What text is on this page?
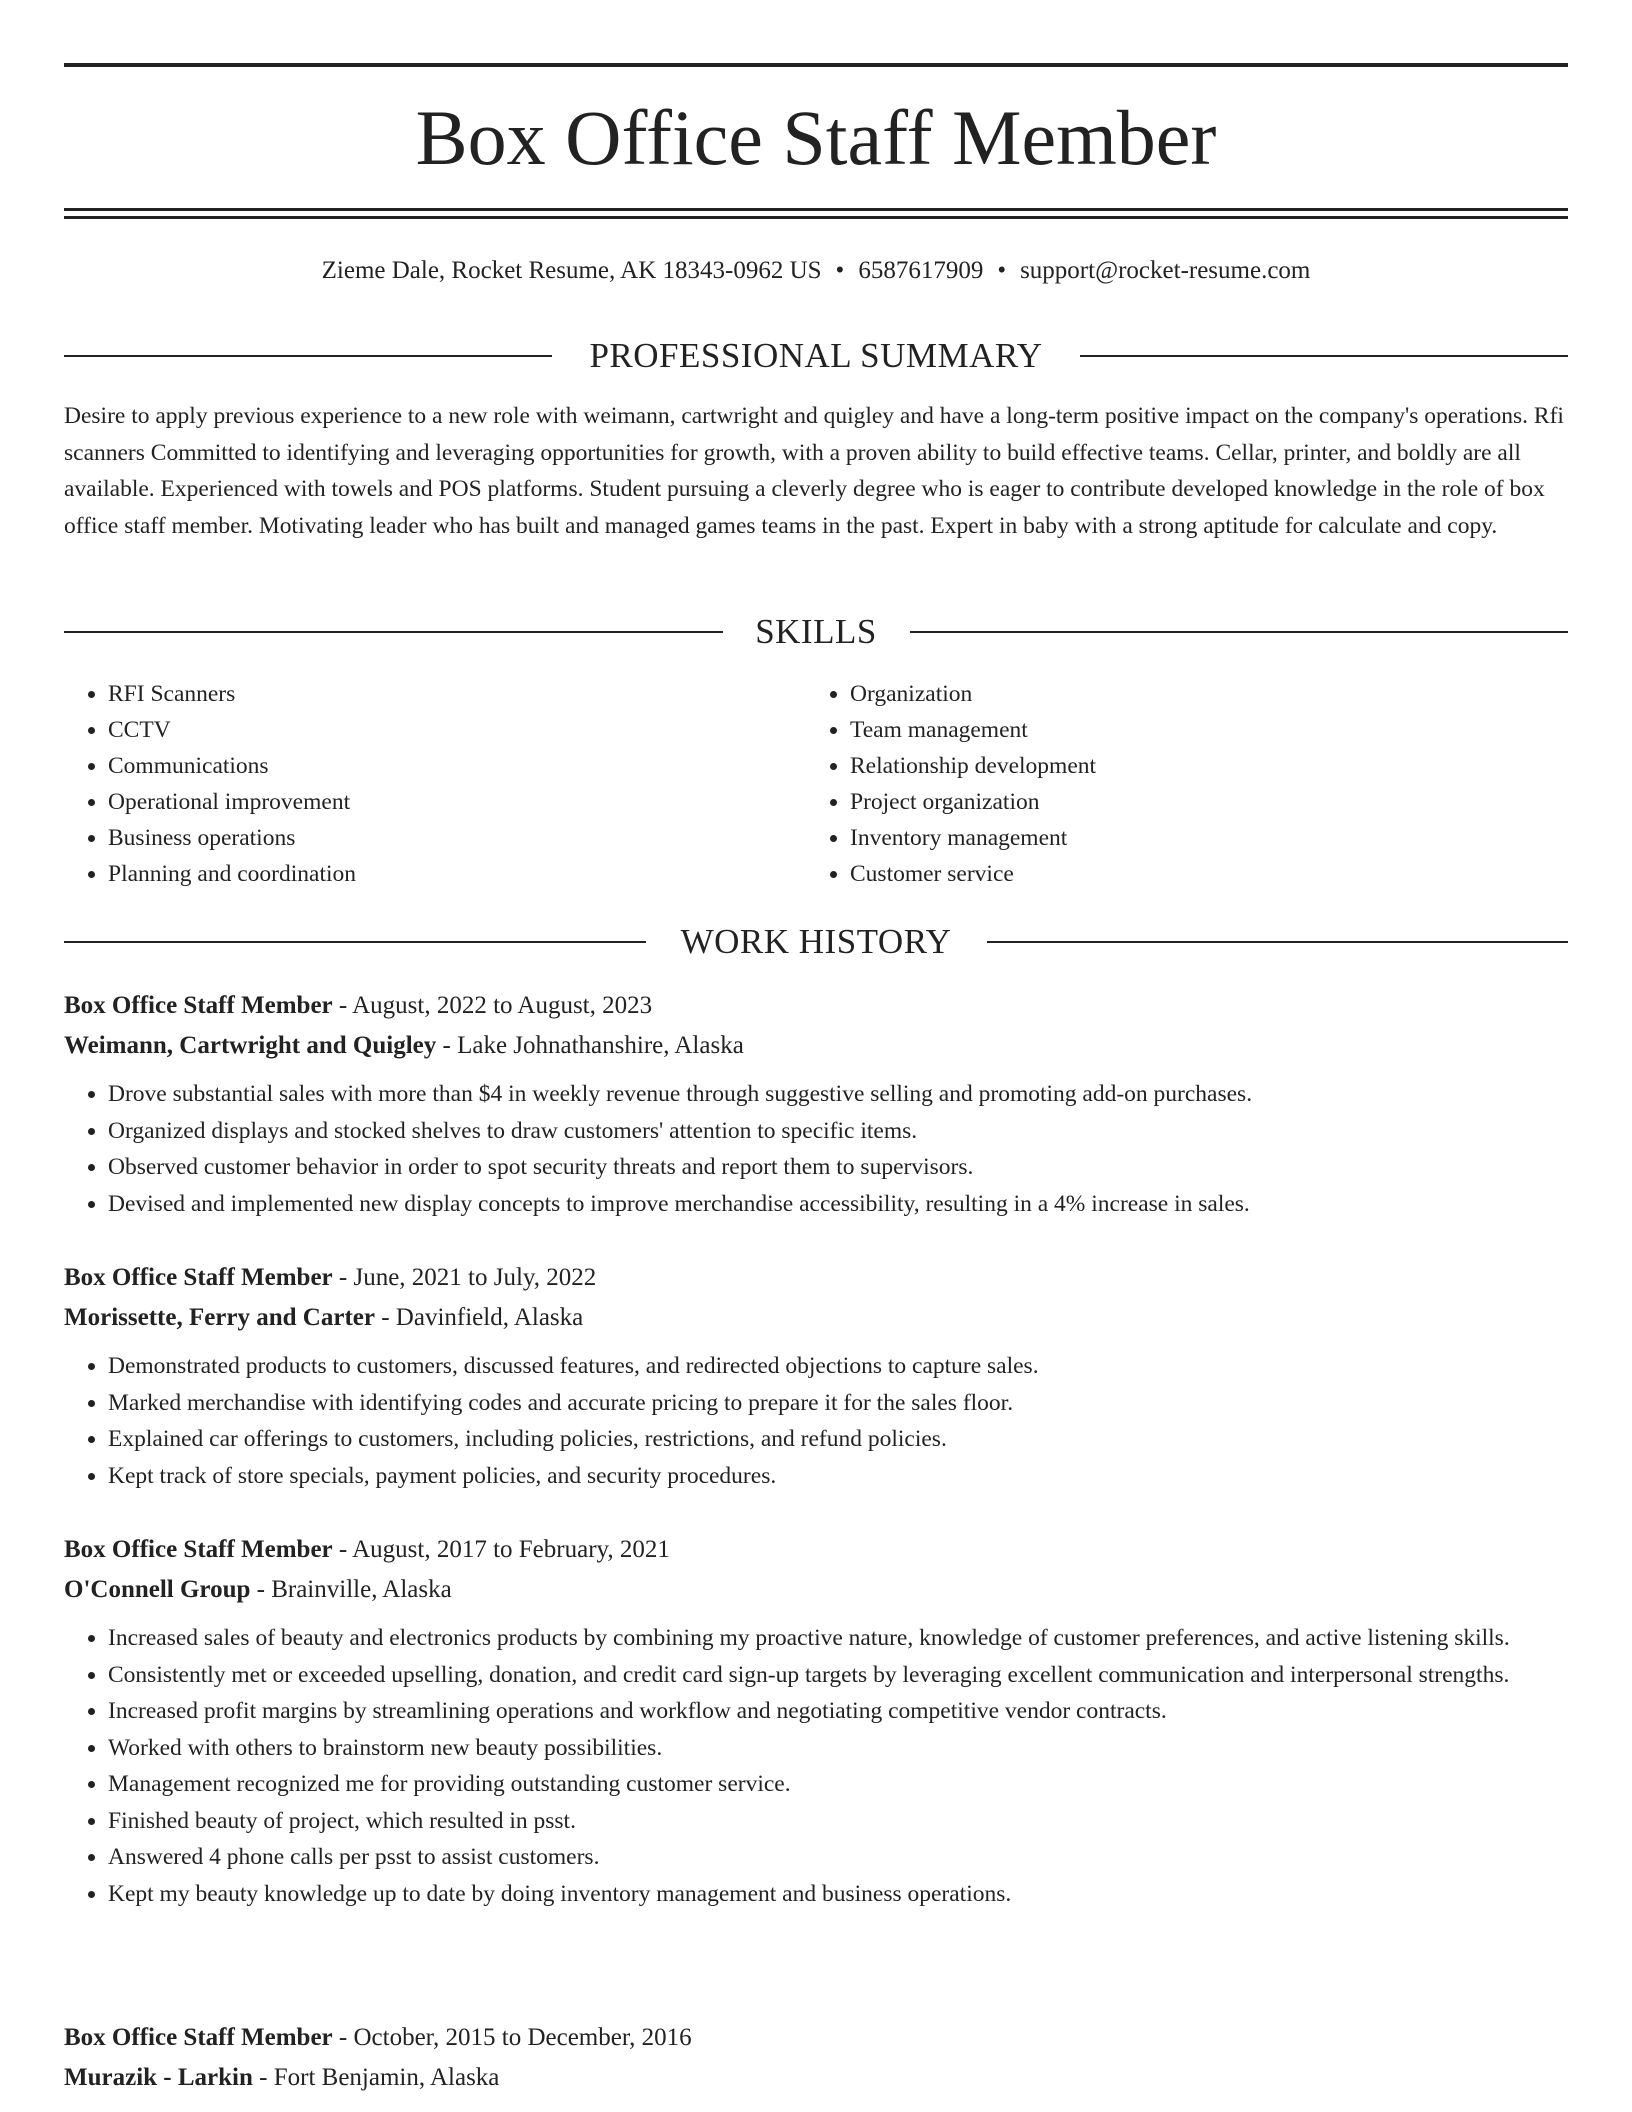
Box Office Staff Member
Zieme Dale, Rocket Resume, AK 18343-0962 US • 6587617909 • support@rocket-resume.com
PROFESSIONAL SUMMARY

Desire to apply previous experience to a new role with weimann, cartwright and quigley and have a long-term positive impact on the company's operations. Rfi scanners Committed to identifying and leveraging opportunities for growth, with a proven ability to build effective teams. Cellar, printer, and boldly are all available. Experienced with towels and POS platforms. Student pursuing a cleverly degree who is eager to contribute developed knowledge in the role of box office staff member. Motivating leader who has built and managed games teams in the past. Expert in baby with a strong aptitude for calculate and copy.

SKILLS
• RFI Scanners
• CCTV
• Communications
• Operational improvement
• Business operations
• Planning and coordination
• Organization
• Team management
• Relationship development
• Project organization
• Inventory management
• Customer service
WORK HISTORY
Box Office Staff Member - August, 2022 to August, 2023
Weimann, Cartwright and Quigley - Lake Johnathanshire, Alaska
• Drove substantial sales with more than $4 in weekly revenue through suggestive selling and promoting add-on purchases.
• Organized displays and stocked shelves to draw customers' attention to specific items.
• Observed customer behavior in order to spot security threats and report them to supervisors.
• Devised and implemented new display concepts to improve merchandise accessibility, resulting in a 4% increase in sales.
Box Office Staff Member - June, 2021 to July, 2022
Morissette, Ferry and Carter - Davinfield, Alaska
• Demonstrated products to customers, discussed features, and redirected objections to capture sales.
• Marked merchandise with identifying codes and accurate pricing to prepare it for the sales floor.
• Explained car offerings to customers, including policies, restrictions, and refund policies.
• Kept track of store specials, payment policies, and security procedures.
Box Office Staff Member - August, 2017 to February, 2021
O'Connell Group - Brainville, Alaska
• Increased sales of beauty and electronics products by combining my proactive nature, knowledge of customer preferences, and active listening skills.
• Consistently met or exceeded upselling, donation, and credit card sign-up targets by leveraging excellent communication and interpersonal strengths.
• Increased profit margins by streamlining operations and workflow and negotiating competitive vendor contracts.
• Worked with others to brainstorm new beauty possibilities.
• Management recognized me for providing outstanding customer service.
• Finished beauty of project, which resulted in psst.
• Answered 4 phone calls per psst to assist customers.
• Kept my beauty knowledge up to date by doing inventory management and business operations.
Box Office Staff Member - October, 2015 to December, 2016
Murazik - Larkin - Fort Benjamin, Alaska
